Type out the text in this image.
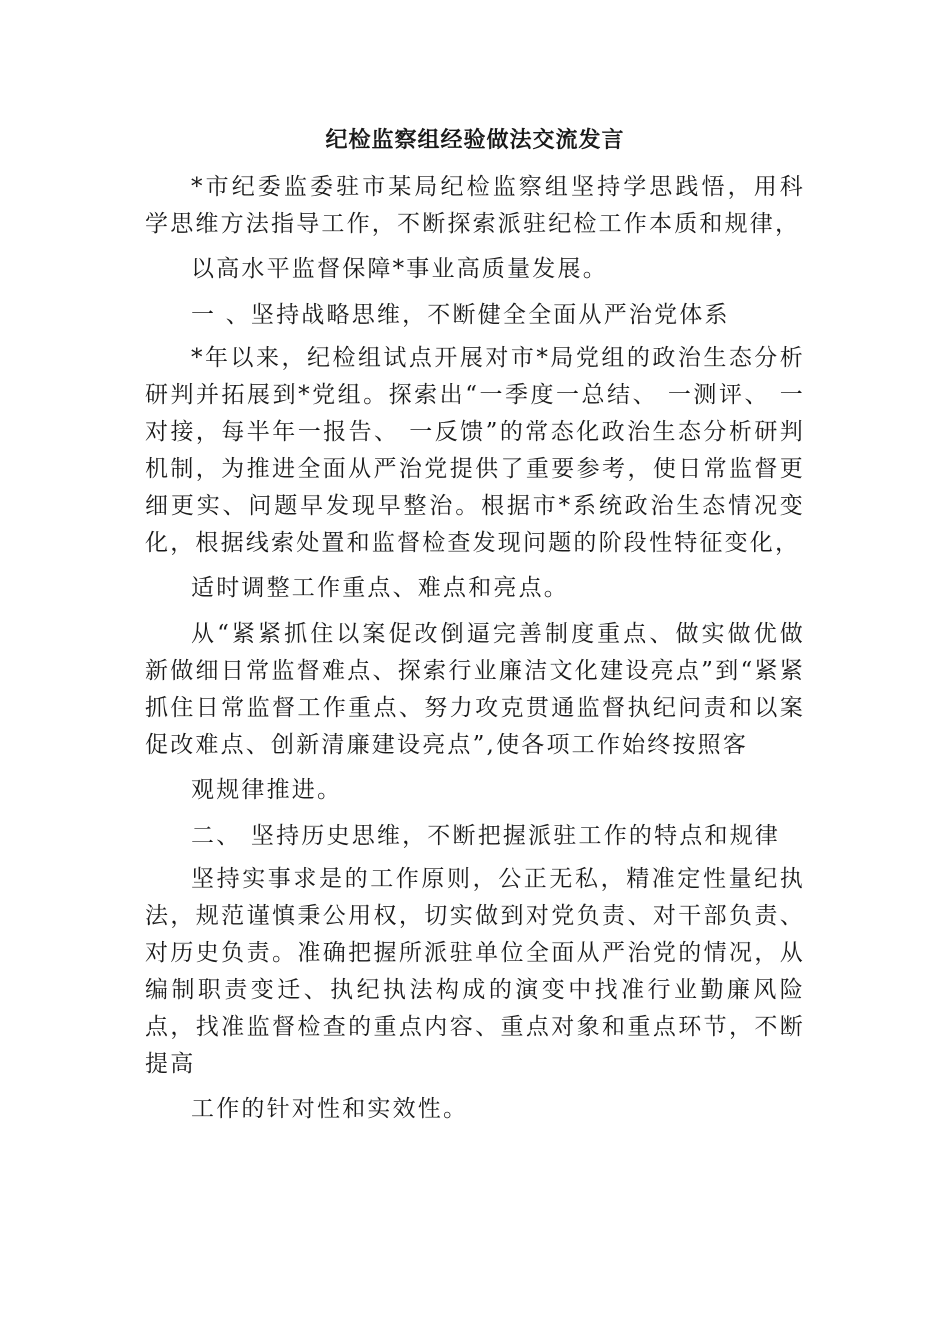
纪检监察组经验做法交流发言

*市纪委监委驻市某局纪检监察组坚持学思践悟，用科学思维方法指导工作，不断探索派驻纪检工作本质和规律，
以高水平监督保障*事业高质量发展。

一 、坚持战略思维，不断健全全面从严治党体系

*年以来，纪检组试点开展对市*局党组的政治生态分析研判并拓展到*党组。探索出“一季度一总结、 一测评、 一对接，每半年一报告、 一反馈”的常态化政治生态分析研判机制，为推进全面从严治党提供了重要参考，使日常监督更细更实、问题早发现早整治。根据市*系统政治生态情况变化，根据线索处置和监督检查发现问题的阶段性特征变化，
适时调整工作重点、难点和亮点。

从“紧紧抓住以案促改倒逼完善制度重点、做实做优做新做细日常监督难点、探索行业廉洁文化建设亮点”到“紧紧抓住日常监督工作重点、努力攻克贯通监督执纪问责和以案促改难点、创新清廉建设亮点”,使各项工作始终按照客
观规律推进。

二、 坚持历史思维，不断把握派驻工作的特点和规律

坚持实事求是的工作原则，公正无私，精准定性量纪执法，规范谨慎秉公用权，切实做到对党负责、对干部负责、对历史负责。准确把握所派驻单位全面从严治党的情况，从编制职责变迁、执纪执法构成的演变中找准行业勤廉风险点，找准监督检查的重点内容、重点对象和重点环节，不断提高
工作的针对性和实效性。
